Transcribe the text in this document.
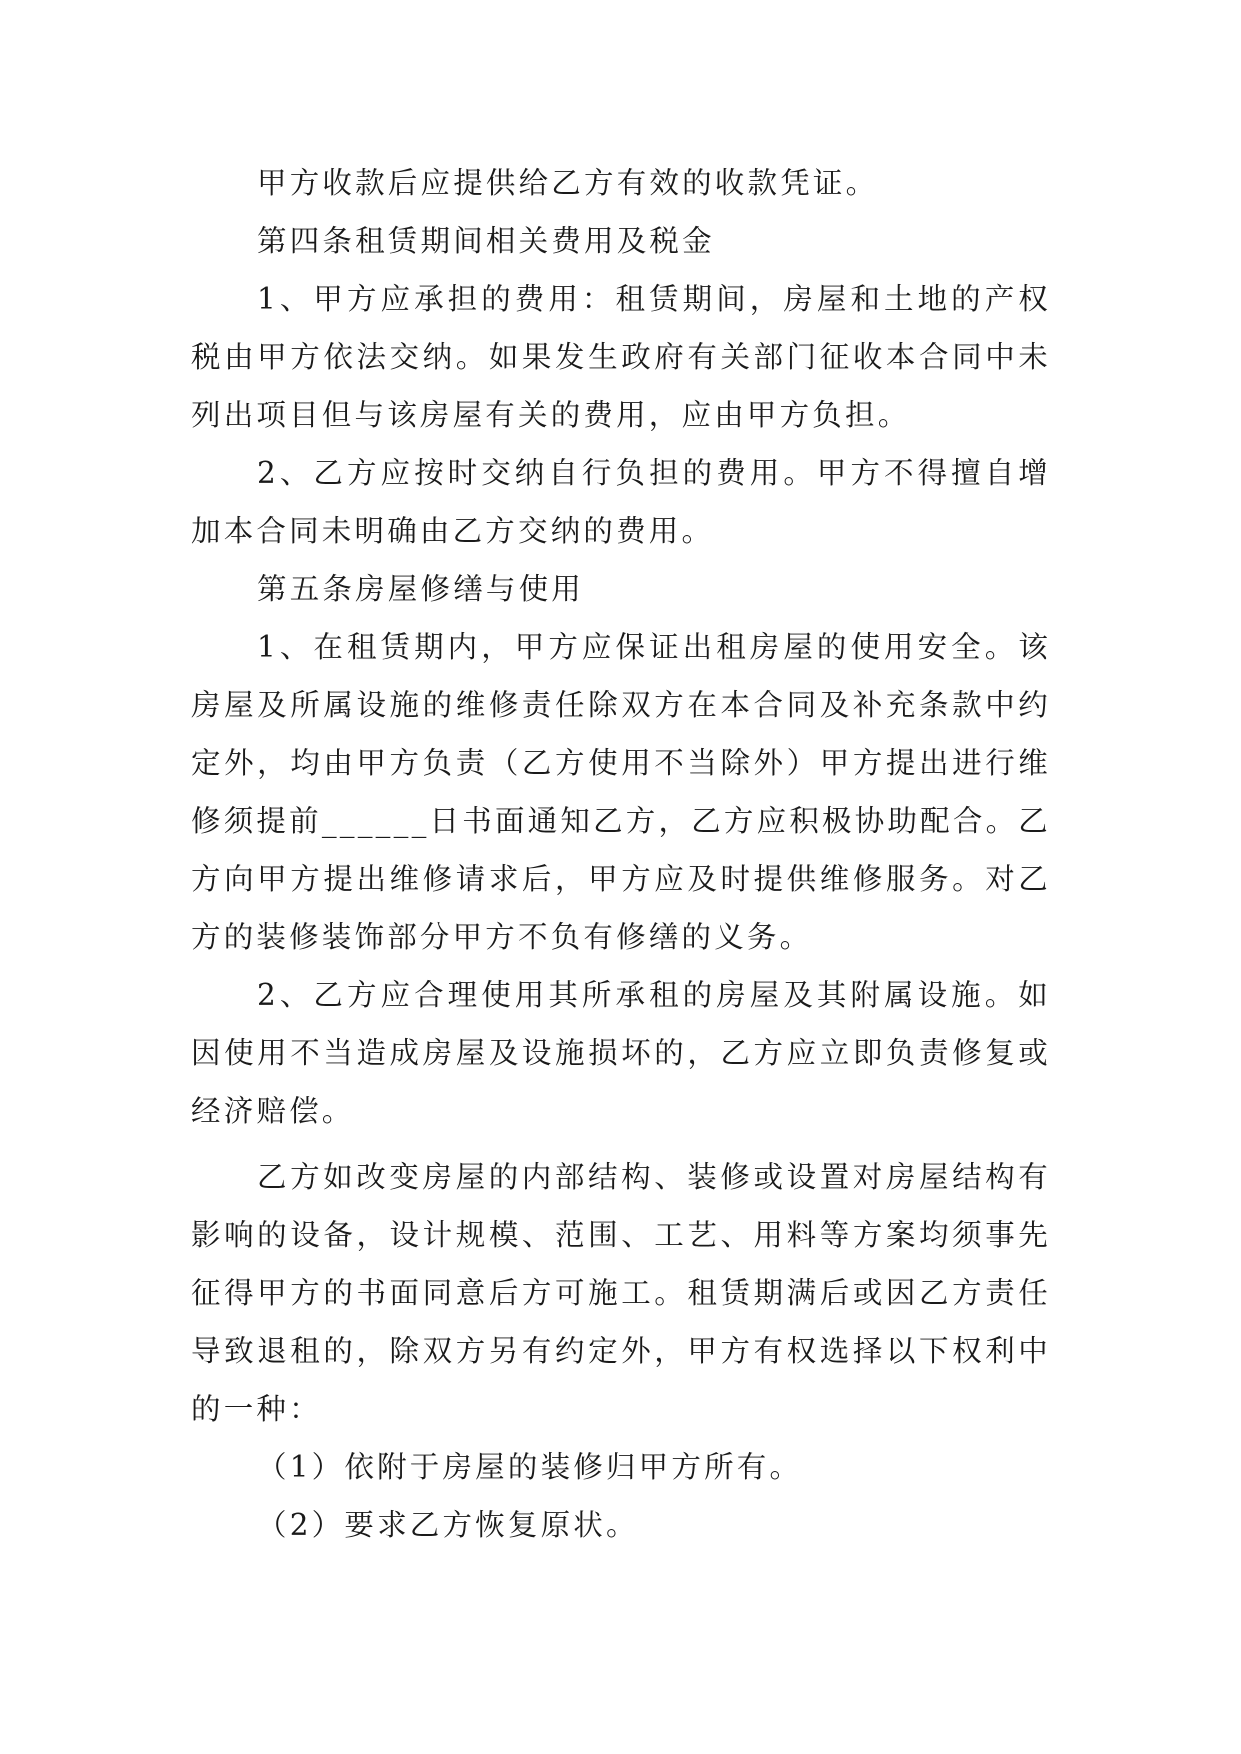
甲方收款后应提供给乙方有效的收款凭证。

第四条租赁期间相关费用及税金

1、甲方应承担的费用：租赁期间，房屋和土地的产权税由甲方依法交纳。如果发生政府有关部门征收本合同中未列出项目但与该房屋有关的费用，应由甲方负担。

2、乙方应按时交纳自行负担的费用。甲方不得擅自增加本合同未明确由乙方交纳的费用。

第五条房屋修缮与使用

1、在租赁期内，甲方应保证出租房屋的使用安全。该房屋及所属设施的维修责任除双方在本合同及补充条款中约定外，均由甲方负责（乙方使用不当除外）甲方提出进行维修须提前______日书面通知乙方，乙方应积极协助配合。乙方向甲方提出维修请求后，甲方应及时提供维修服务。对乙方的装修装饰部分甲方不负有修缮的义务。

2、乙方应合理使用其所承租的房屋及其附属设施。如因使用不当造成房屋及设施损坏的，乙方应立即负责修复或经济赔偿。

乙方如改变房屋的内部结构、装修或设置对房屋结构有影响的设备，设计规模、范围、工艺、用料等方案均须事先征得甲方的书面同意后方可施工。租赁期满后或因乙方责任导致退租的，除双方另有约定外，甲方有权选择以下权利中的一种：

（1）依附于房屋的装修归甲方所有。

（2）要求乙方恢复原状。
